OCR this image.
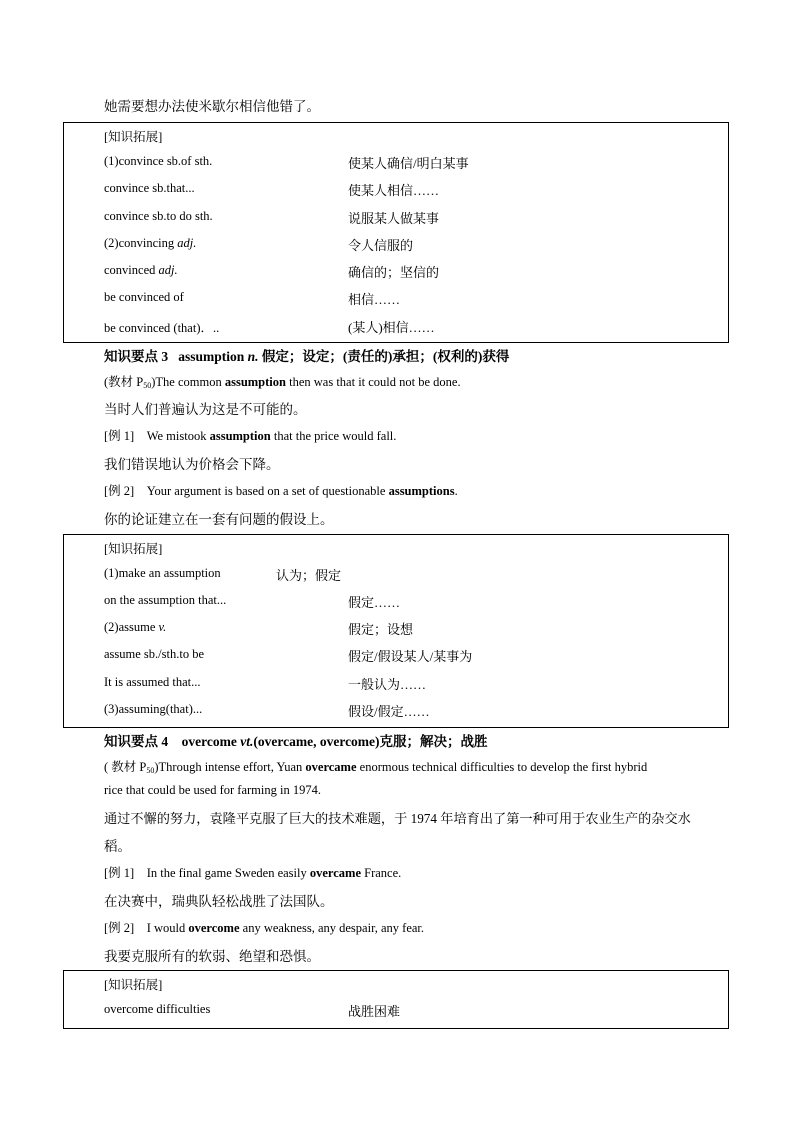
她需要想办法使米歇尔相信他错了。
[知识拓展]
(1)convince sb.of sth.	使某人确信/明白某事
convince sb.that...	使某人相信……
convince sb.to do sth.	说服某人做某事
(2)convincing adj.	令人信服的
convinced adj.	确信的；坚信的
be convinced of	相信……
be convinced (that)．..	(某人)相信……
知识要点 3 assumption n. 假定；设定；(责任的)承担；(权利的)获得
(教材 $P_{50})The$ common assumption then was that it could not be done.
当时人们普遍认为这是不可能的。
[例 1] We mistook assumption that the price would fall.
我们错误地认为价格会下降。
[例 2] Your argument is based on a set of questionable assumptions.
你的论证建立在一套有问题的假设上。
[知识拓展]
(1)make an assumption	认为；假定
on the assumption that...	假定……
(2)assume v.	假定；设想
assume sb./sth.to be	假定/假设某人/某事为
It is assumed that...	一般认为……
(3)assuming(that)...	假设/假定……
知识要点 4 overcome vt.(overcame, overcome)克服；解决；战胜
( 教材 $P_{50})Through$ intense effort, Yuan overcame enormous technical difficulties to develop the first hybrid
rice that could be used for farming in 1974.
通过不懈的努力，袁隆平克服了巨大的技术难题，于 1974 年培育出了第一种可用于农业生产的杂交水
稻。
[例 1] In the final game Sweden easily overcame France.
在决赛中，瑞典队轻松战胜了法国队。
[例 2] I would overcome any weakness, any despair, any fear.
我要克服所有的软弱、绝望和恐惧。
[知识拓展]
overcome difficulties	战胜困难
